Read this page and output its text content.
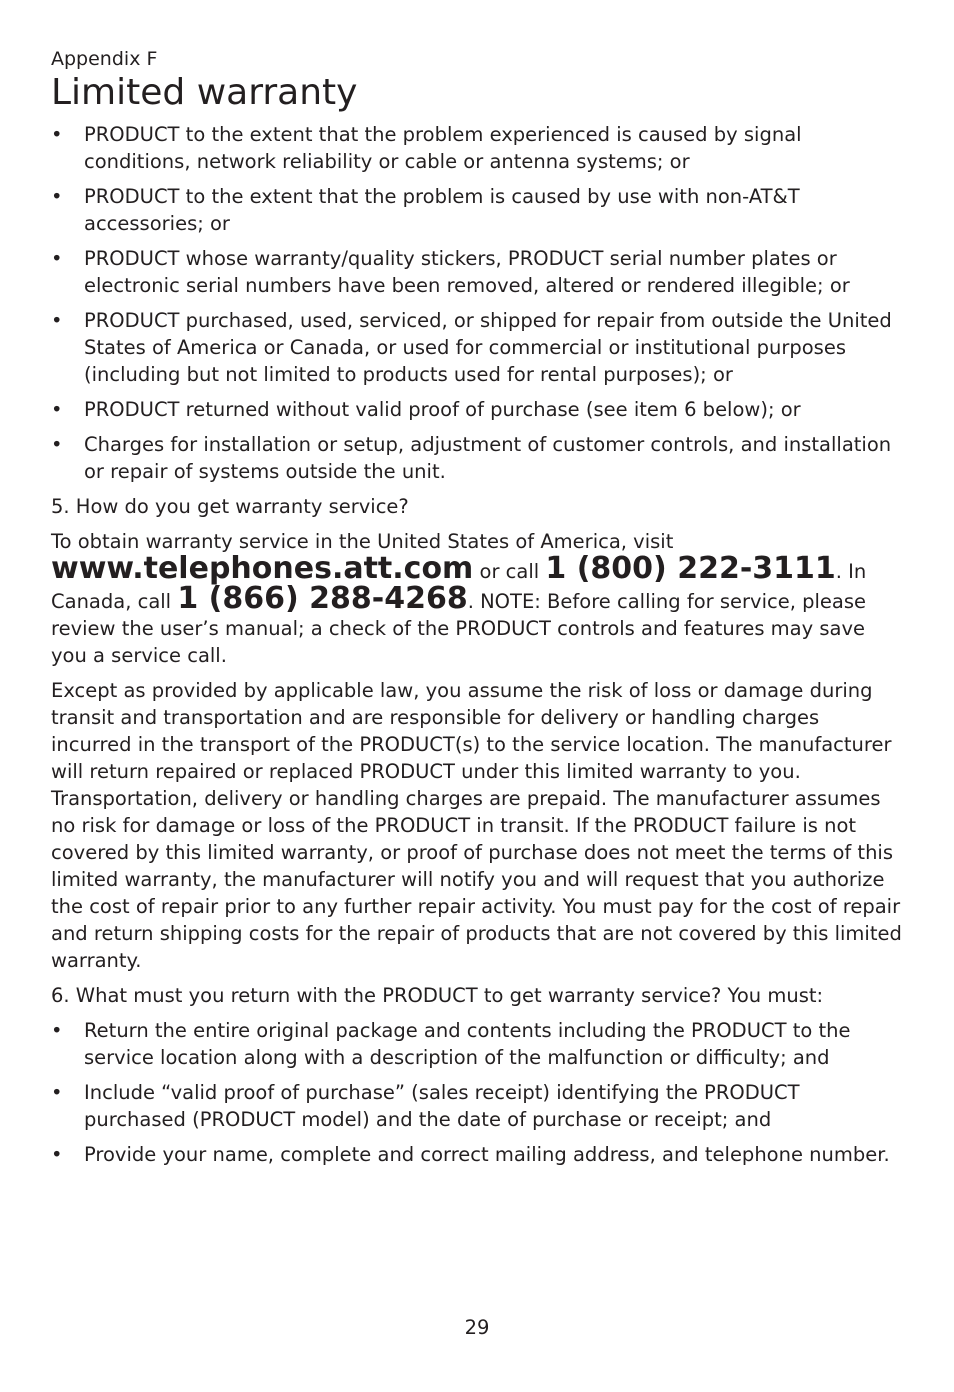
Appendix F

Limited warranty
• PRODUCT to the extent that the problem experienced is caused by signal conditions, network reliability or cable or antenna systems; or
• PRODUCT to the extent that the problem is caused by use with non-AT&T accessories; or
• PRODUCT whose warranty/quality stickers, PRODUCT serial number plates or electronic serial numbers have been removed, altered or rendered illegible; or
• PRODUCT purchased, used, serviced, or shipped for repair from outside the United States of America or Canada, or used for commercial or institutional purposes (including but not limited to products used for rental purposes); or
• PRODUCT returned without valid proof of purchase (see item 6 below); or
• Charges for installation or setup, adjustment of customer controls, and installation or repair of systems outside the unit.

5. How do you get warranty service?

To obtain warranty service in the United States of America, visit
www.telephones.att.com or call 1 (800) 222-3111. In Canada, call 1 (866) 288-4268. NOTE: Before calling for service, please review the user’s manual; a check of the PRODUCT controls and features may save you a service call.

Except as provided by applicable law, you assume the risk of loss or damage during transit and transportation and are responsible for delivery or handling charges incurred in the transport of the PRODUCT(s) to the service location. The manufacturer will return repaired or replaced PRODUCT under this limited warranty to you. Transportation, delivery or handling charges are prepaid. The manufacturer assumes no risk for damage or loss of the PRODUCT in transit. If the PRODUCT failure is not covered by this limited warranty, or proof of purchase does not meet the terms of this limited warranty, the manufacturer will notify you and will request that you authorize the cost of repair prior to any further repair activity. You must pay for the cost of repair and return shipping costs for the repair of products that are not covered by this limited warranty.

6. What must you return with the PRODUCT to get warranty service? You must:

• Return the entire original package and contents including the PRODUCT to the service location along with a description of the malfunction or difficulty; and
• Include “valid proof of purchase” (sales receipt) identifying the PRODUCT purchased (PRODUCT model) and the date of purchase or receipt; and
• Provide your name, complete and correct mailing address, and telephone number.
29
